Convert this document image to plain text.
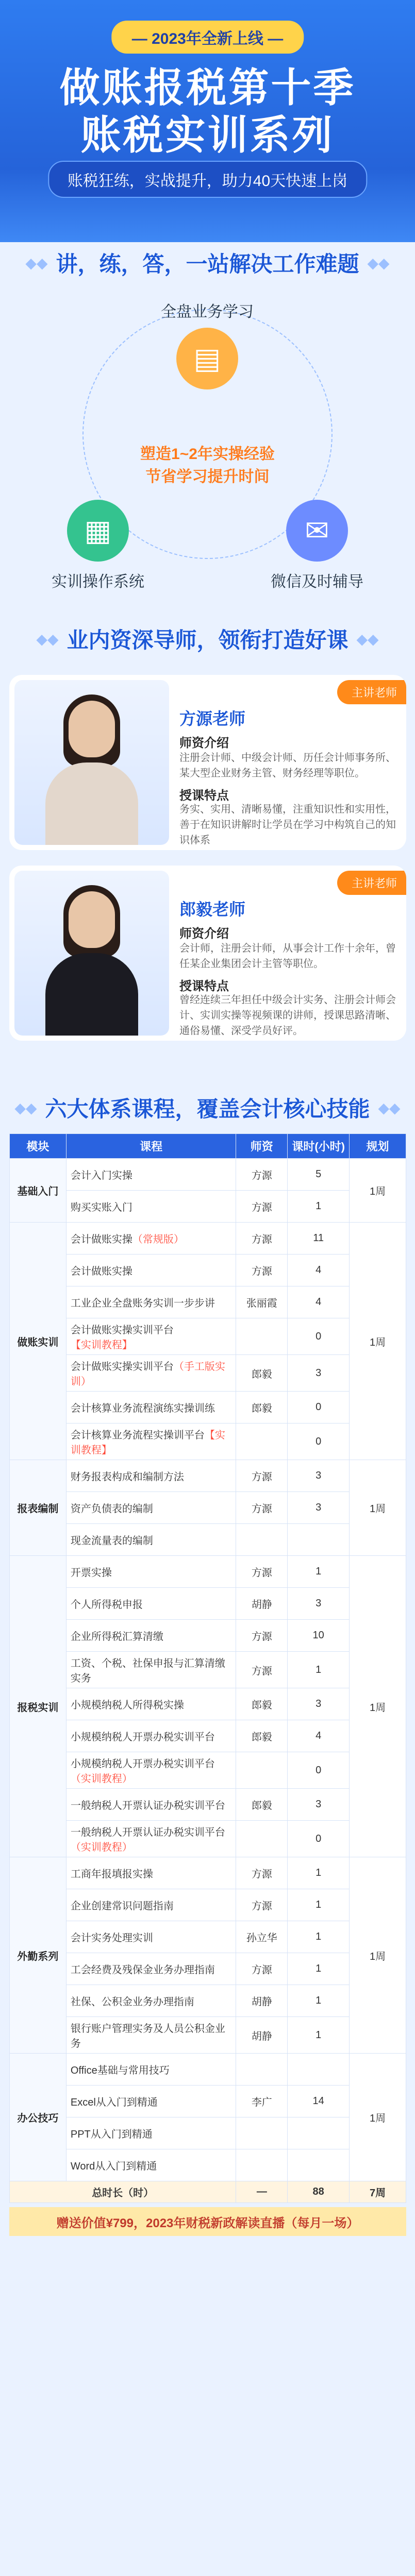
— 2023年全新上线 —
做账报税第十季
账税实训系列
账税狂练，实战提升，助力40天快速上岗
◆◆ 讲，练，答，一站解决工作难题 ◆◆
全盘业务学习
▤
塑造1~2年实操经验
节省学习提升时间
▦
实训操作系统
✉
微信及时辅导
◆◆ 业内资深导师，领衔打造好课 ◆◆
主讲老师
方源老师
师资介绍
注册会计师、中级会计师、历任会计师事务所、某大型企业财务主管、财务经理等职位。
授课特点
务实、实用、清晰易懂，注重知识性和实用性，善于在知识讲解时让学员在学习中构筑自己的知识体系
主讲老师
郎毅老师
师资介绍
会计师，注册会计师，从事会计工作十余年，曾任某企业集团会计主管等职位。
授课特点
曾经连续三年担任中级会计实务、注册会计师会计、实训实操等视频课的讲师，授课思路清晰、通俗易懂、深受学员好评。
◆◆ 六大体系课程，覆盖会计核心技能 ◆◆
模块	课程	师资	课时(小时)	规划
基础入门	会计入门实操	方源	5	1周
	购买实账入门	方源	1	
做账实训	会计做账实操（常规版）	方源	11	1周
	会计做账实操	方源	4	
	工业企业全盘账务实训一步步讲	张丽霞	4	
	会计做账实操实训平台【实训教程】		0	
	会计做账实操实训平台（手工版实训）	郎毅	3	
	会计核算业务流程演练实操训练	郎毅	0	
	会计核算业务流程实操训平台【实训教程】		0	
报表编制	财务报表构成和编制方法	方源	3	1周
	资产负债表的编制	方源	3	
	现金流量表的编制			
报税实训	开票实操	方源	1	1周
	个人所得税申报	胡静	3	
	企业所得税汇算清缴	方源	10	
	工资、个税、社保申报与汇算清缴实务	方源	1	
	小规模纳税人所得税实操	郎毅	3	
	小规模纳税人开票办税实训平台	郎毅	4	
	小规模纳税人开票办税实训平台（实训教程）		0	
	一般纳税人开票认证办税实训平台	郎毅	3	
	一般纳税人开票认证办税实训平台（实训教程）		0	
外勤系列	工商年报填报实操	方源	1	1周
	企业创建常识问题指南	方源	1	
	会计实务处理实训	孙立华	1	
	工会经费及残保金业务办理指南	方源	1	
	社保、公积金业务办理指南	胡静	1	
	银行账户管理实务及人员公积金业务	胡静	1	
办公技巧	Office基础与常用技巧			1周
	Excel从入门到精通	李广	14	
	PPT从入门到精通			
	Word从入门到精通			
总时长（时）		—	88	7周
赠送价值¥799，2023年财税新政解读直播（每月一场）
